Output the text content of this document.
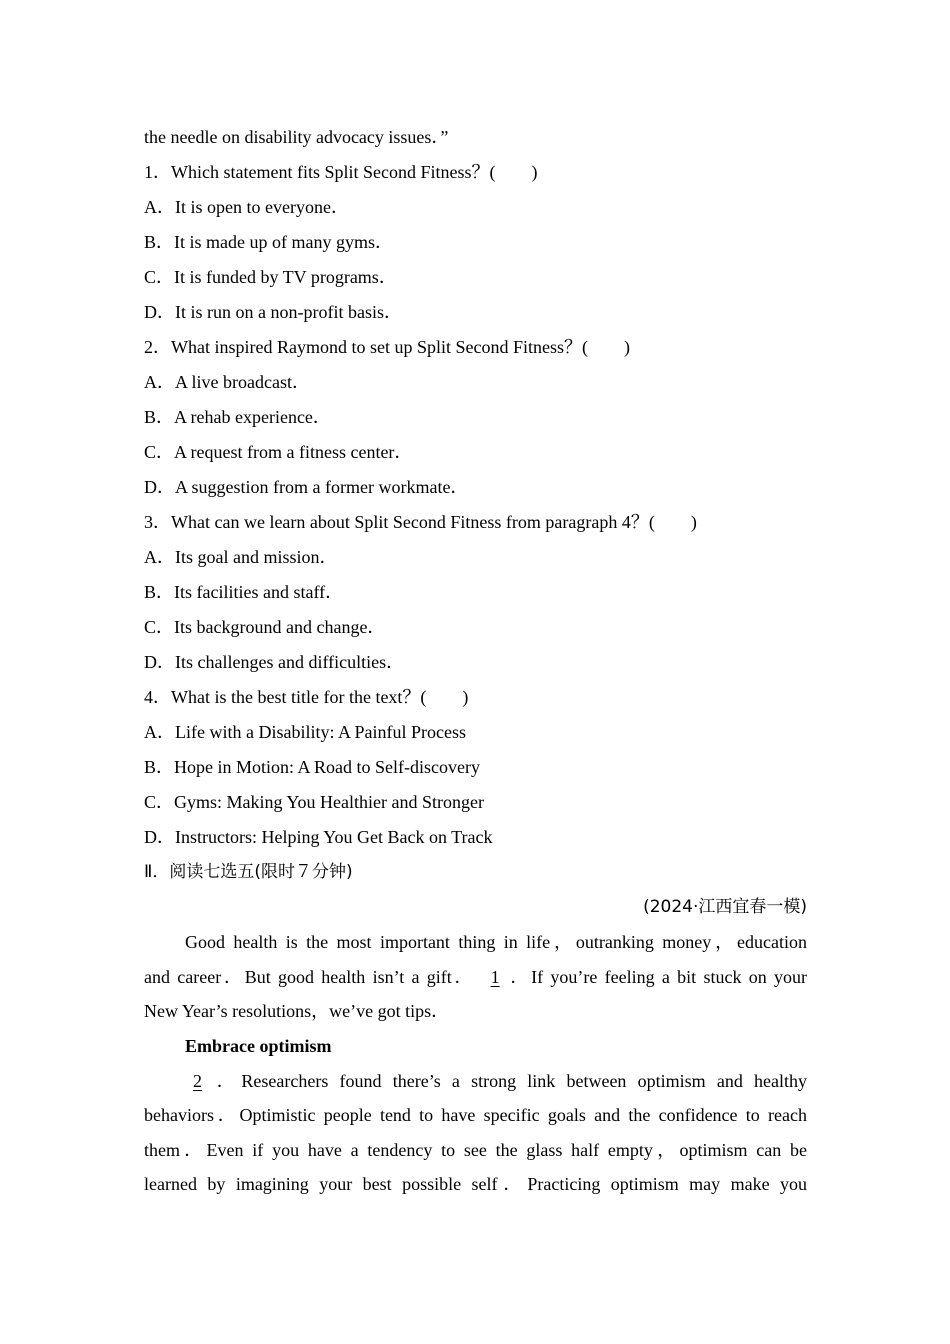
the needle on disability advocacy issues．”
1．Which statement fits Split Second Fitness？(　　)
A．It is open to everyone．
B．It is made up of many gyms．
C．It is funded by TV programs．
D．It is run on a non-profit basis．
2．What inspired Raymond to set up Split Second Fitness？(　　)
A．A live broadcast．
B．A rehab experience．
C．A request from a fitness center．
D．A suggestion from a former workmate．
3．What can we learn about Split Second Fitness from paragraph 4？(　　)
A．Its goal and mission．
B．Its facilities and staff．
C．Its background and change．
D．Its challenges and difficulties．
4．What is the best title for the text？(　　)
A．Life with a Disability: A Painful Process
B．Hope in Motion: A Road to Self-discovery
C．Gyms: Making You Healthier and Stronger
D．Instructors: Helping You Get Back on Track
Ⅱ．阅读七选五(限时７分钟)
(2024·江西宜春一模)
Good health is the most important thing in life，outranking money，education
and career．But good health isn’t a gift． 1 ．If you’re feeling a bit stuck on your
New Year’s resolutions，we’ve got tips．
Embrace optimism
2 ．Researchers found there’s a strong link between optimism and healthy
behaviors．Optimistic people tend to have specific goals and the confidence to reach
them．Even if you have a tendency to see the glass half empty，optimism can be
learned by imagining your best possible self．Practicing optimism may make you
